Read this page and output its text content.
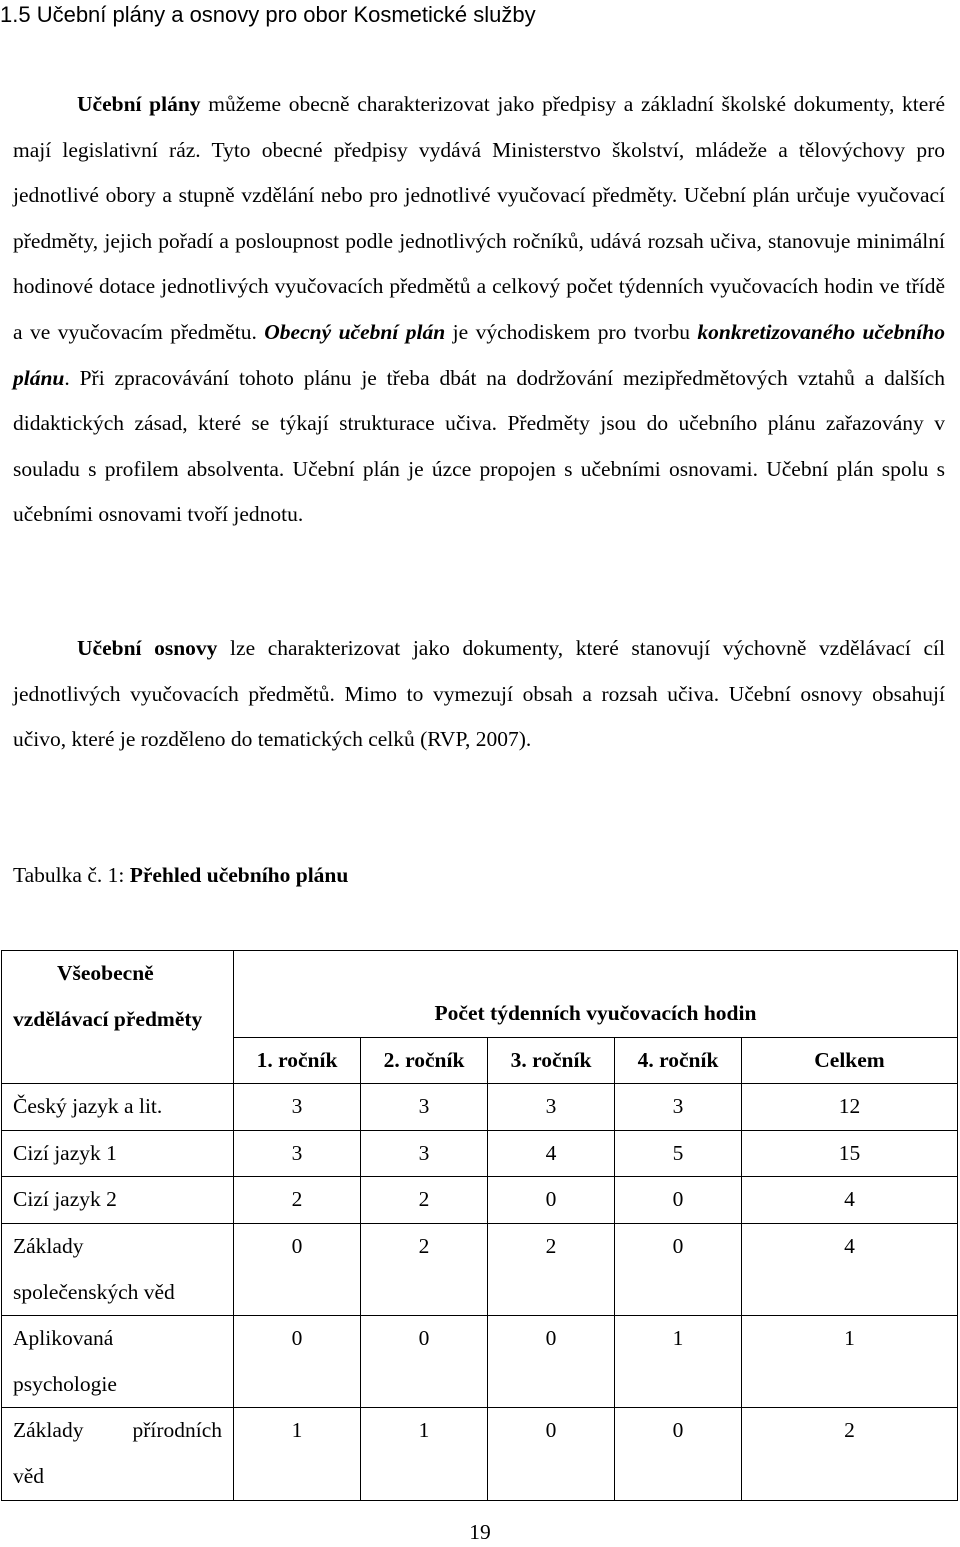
1.5 Učební plány a osnovy pro obor Kosmetické služby

Učební plány můžeme obecně charakterizovat jako předpisy a základní školské dokumenty, které mají legislativní ráz. Tyto obecné předpisy vydává Ministerstvo školství, mládeže a tělovýchovy pro jednotlivé obory a stupně vzdělání nebo pro jednotlivé vyučovací předměty. Učební plán určuje vyučovací předměty, jejich pořadí a posloupnost podle jednotlivých ročníků, udává rozsah učiva, stanovuje minimální hodinové dotace jednotlivých vyučovacích předmětů a celkový počet týdenních vyučovacích hodin ve třídě a ve vyučovacím předmětu. Obecný učební plán je východiskem pro tvorbu konkretizovaného učebního plánu. Při zpracovávání tohoto plánu je třeba dbát na dodržování mezipředmětových vztahů a dalších didaktických zásad, které se týkají strukturace učiva. Předměty jsou do učebního plánu zařazovány v souladu s profilem absolventa. Učební plán je úzce propojen s učebními osnovami. Učební plán spolu s učebními osnovami tvoří jednotu.

Učební osnovy lze charakterizovat jako dokumenty, které stanovují výchovně vzdělávací cíl jednotlivých vyučovacích předmětů. Mimo to vymezují obsah a rozsah učiva. Učební osnovy obsahují učivo, které je rozděleno do tematických celků (RVP, 2007).

Tabulka č. 1: Přehled učebního plánu
Všeobecně
vzdělávací předměty	Počet týdenních vyučovacích hodin				
	1. ročník	2. ročník	3. ročník	4. ročník	Celkem
Český jazyk a lit.	3	3	3	3	12
Cizí jazyk 1	3	3	4	5	15
Cizí jazyk 2	2	2	0	0	4
Základy
společenských věd	0	2	2	0	4
Aplikovaná
psychologie	0	0	0	1	1

Základy přírodních
věd	1	1	0	0	2
19
